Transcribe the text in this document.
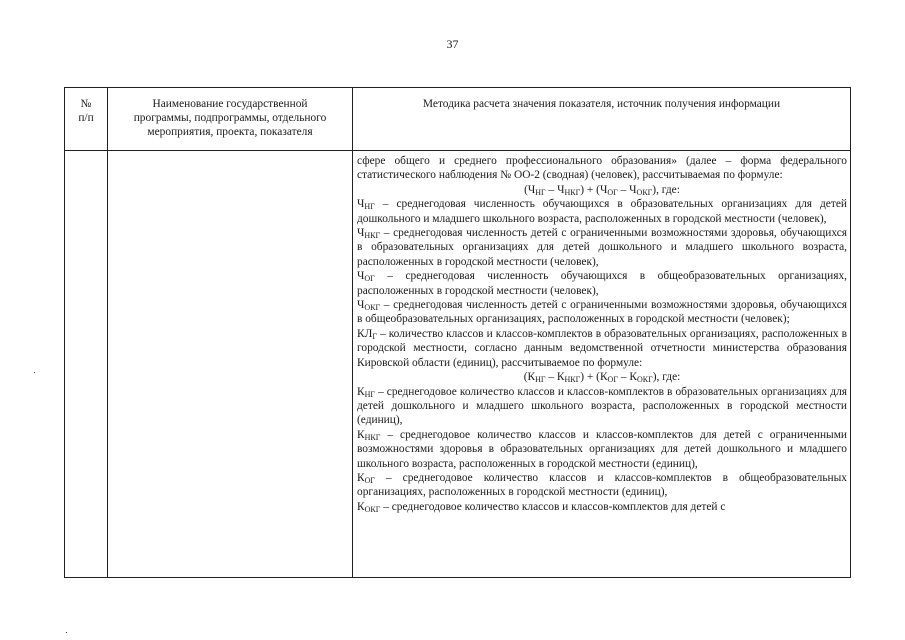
37
№
п/п
Наименование государственной программы, подпрограммы, отдельного мероприятия, проекта, показателя
Методика расчета значения показателя, источник получения информации

сфере общего и среднего профессионального образования» (далее – форма федерального статистического наблюдения № ОО-2 (сводная) (человек), рассчитываемая по формуле:

$(Ч_{НГ} - Ч_{НКГ}) + (Ч_{ОГ} - Ч_{ОКГ})$, где:

$Ч_{НГ}$ – среднегодовая численность обучающихся в образовательных организациях для детей дошкольного и младшего школьного возраста, расположенных в городской местности (человек),

$Ч_{НКГ}$ – среднегодовая численность детей с ограниченными возможностями здоровья, обучающихся в образовательных организациях для детей дошкольного и младшего школьного возраста, расположенных в городской местности (человек),

$Ч_{ОГ}$ – среднегодовая численность обучающихся в общеобразовательных организациях, расположенных в городской местности (человек),

$Ч_{ОКГ}$ – среднегодовая численность детей с ограниченными возможностями здоровья, обучающихся в общеобразовательных организациях, расположенных в городской местности (человек);

$КЛ_Г$ – количество классов и классов-комплектов в образовательных организациях, расположенных в городской местности, согласно данным ведомственной отчетности министерства образования Кировской области (единиц), рассчитываемое по формуле:

$(К_{НГ} - К_{НКГ}) + (К_{ОГ} - К_{ОКГ})$, где:

$К_{НГ}$ – среднегодовое количество классов и классов-комплектов в образовательных организациях для детей дошкольного и младшего школьного возраста, расположенных в городской местности (единиц),

$К_{НКГ}$ – среднегодовое количество классов и классов-комплектов для детей с ограниченными возможностями здоровья в образовательных организациях для детей дошкольного и младшего школьного возраста, расположенных в городской местности (единиц),

$К_{ОГ}$ – среднегодовое количество классов и классов-комплектов в общеобразовательных организациях, расположенных в городской местности (единиц),

$К_{ОКГ}$ – среднегодовое количество классов и классов-комплектов для детей с
